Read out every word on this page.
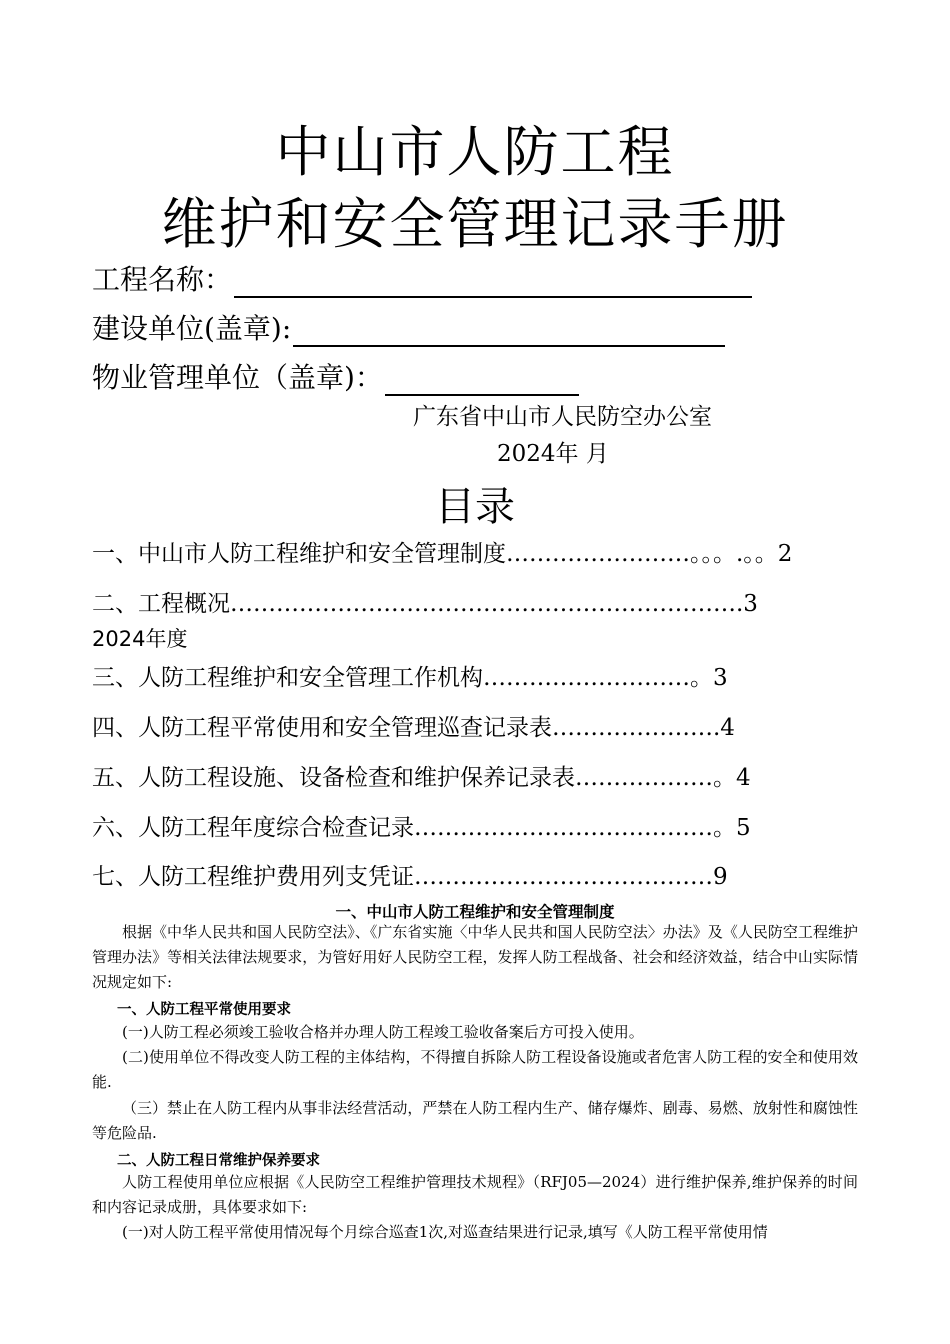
中山市人防工程
维护和安全管理记录手册
工程名称：
建设单位(盖章):
物业管理单位（盖章)：
广东省中山市人民防空办公室
2024年 月
目录
一、中山市人防工程维护和安全管理制度……………………。。。.。。2
二、工程概况………………………………………………………….3
2024年度
三、人防工程维护和安全管理工作机构………………………。3
四、人防工程平常使用和安全管理巡查记录表………………….4
五、人防工程设施、设备检查和维护保养记录表………………。4
六、人防工程年度综合检查记录…………………………………。5
七、人防工程维护费用列支凭证…………………………………9
一、中山市人防工程维护和安全管理制度
根据《中华人民共和国人民防空法》、《广东省实施〈中华人民共和国人民防空法〉办法》及《人民防空工程维护管理办法》等相关法律法规要求，为管好用好人民防空工程，发挥人防工程战备、社会和经济效益，结合中山实际情况规定如下:
一、人防工程平常使用要求
(一)人防工程必须竣工验收合格并办理人防工程竣工验收备案后方可投入使用。
(二)使用单位不得改变人防工程的主体结构，不得擅自拆除人防工程设备设施或者危害人防工程的安全和使用效能.
（三）禁止在人防工程内从事非法经营活动，严禁在人防工程内生产、储存爆炸、剧毒、易燃、放射性和腐蚀性等危险品.
二、人防工程日常维护保养要求
人防工程使用单位应根据《人民防空工程维护管理技术规程》（RFJ05—2024）进行维护保养,维护保养的时间和内容记录成册，具体要求如下:
(一)对人防工程平常使用情况每个月综合巡查1次,对巡查结果进行记录,填写《人防工程平常使用情
